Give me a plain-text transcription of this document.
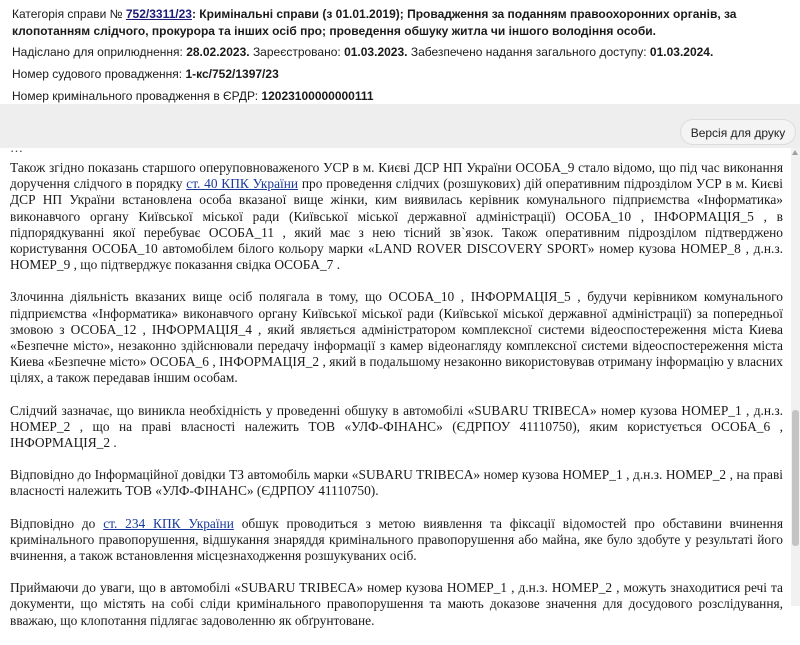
Категорія справи № 752/3311/23: Кримінальні справи (з 01.01.2019); Провадження за поданням правоохоронних органів, за клопотанням слідчого, прокурора та інших осіб про; проведення обшуку житла чи іншого володіння особи.
Надіслано для оприлюднення: 28.02.2023. Зареєстровано: 01.03.2023. Забезпечено надання загального доступу: 01.03.2024.
Номер судового провадження: 1-кс/752/1397/23
Номер кримінального провадження в ЄРДР: 12023100000000111
Версія для друку
…

Також згідно показань старшого оперуповноваженого УСР в м. Києві ДСР НП України ОСОБА_9 стало відомо, що під час виконання доручення слідчого в порядку ст. 40 КПК України про проведення слідчих (розшукових) дій оперативним підрозділом УСР в м. Києві ДСР НП України встановлена особа вказаної вище жінки, ким виявилась керівник комунального підприємства «Інформатика» виконавчого органу Київської міської ради (Київської міської державної адміністрації) ОСОБА_10 , ІНФОРМАЦІЯ_5 , в підпорядкуванні якої перебуває ОСОБА_11 , який має з нею тісний зв`язок. Також оперативним підрозділом підтверджено користування ОСОБА_10 автомобілем білого кольору марки «LAND ROVER DISCOVERY SPORT» номер кузова НОМЕР_8 , д.н.з. НОМЕР_9 , що підтверджує показання свідка ОСОБА_7 .

Злочинна діяльність вказаних вище осіб полягала в тому, що ОСОБА_10 , ІНФОРМАЦІЯ_5 , будучи керівником комунального підприємства «Інформатика» виконавчого органу Київської міської ради (Київської міської державної адміністрації) за попередньої змовою з ОСОБА_12 , ІНФОРМАЦІЯ_4 , який являється адміністратором комплексної системи відеоспостереження міста Киева «Безпечне місто», незаконно здійснювали передачу інформації з камер відеонагляду комплексної системи відеоспостереження міста Киева «Безпечне місто» ОСОБА_6 , ІНФОРМАЦІЯ_2 , який в подальшому незаконно використовував отриману інформацію у власних цілях, а також передавав іншим особам.

Слідчий зазначає, що виникла необхідність у проведенні обшуку в автомобілі «SUBARU TRIBECA» номер кузова НОМЕР_1 , д.н.з. НОМЕР_2 , що на праві власності належить ТОВ «УЛФ-ФІНАНС» (ЄДРПОУ 41110750), яким користується ОСОБА_6 , ІНФОРМАЦІЯ_2 .

Відповідно до Інформаційної довідки ТЗ автомобіль марки «SUBARU TRIBECA» номер кузова НОМЕР_1 , д.н.з. НОМЕР_2 , на праві власності належить ТОВ «УЛФ-ФІНАНС» (ЄДРПОУ 41110750).

Відповідно до ст. 234 КПК України обшук проводиться з метою виявлення та фіксації відомостей про обставини вчинення кримінального правопорушення, відшукання знаряддя кримінального правопорушення або майна, яке було здобуте у результаті його вчинення, а також встановлення місцезнаходження розшукуваних осіб.

Приймаючи до уваги, що в автомобілі «SUBARU TRIBECA» номер кузова НОМЕР_1 , д.н.з. НОМЕР_2 , можуть знаходитися речі та документи, що містять на собі сліди кримінального правопорушення та мають доказове значення для досудового розслідування, вважаю, що клопотання підлягає задоволенню як обґрунтоване.
